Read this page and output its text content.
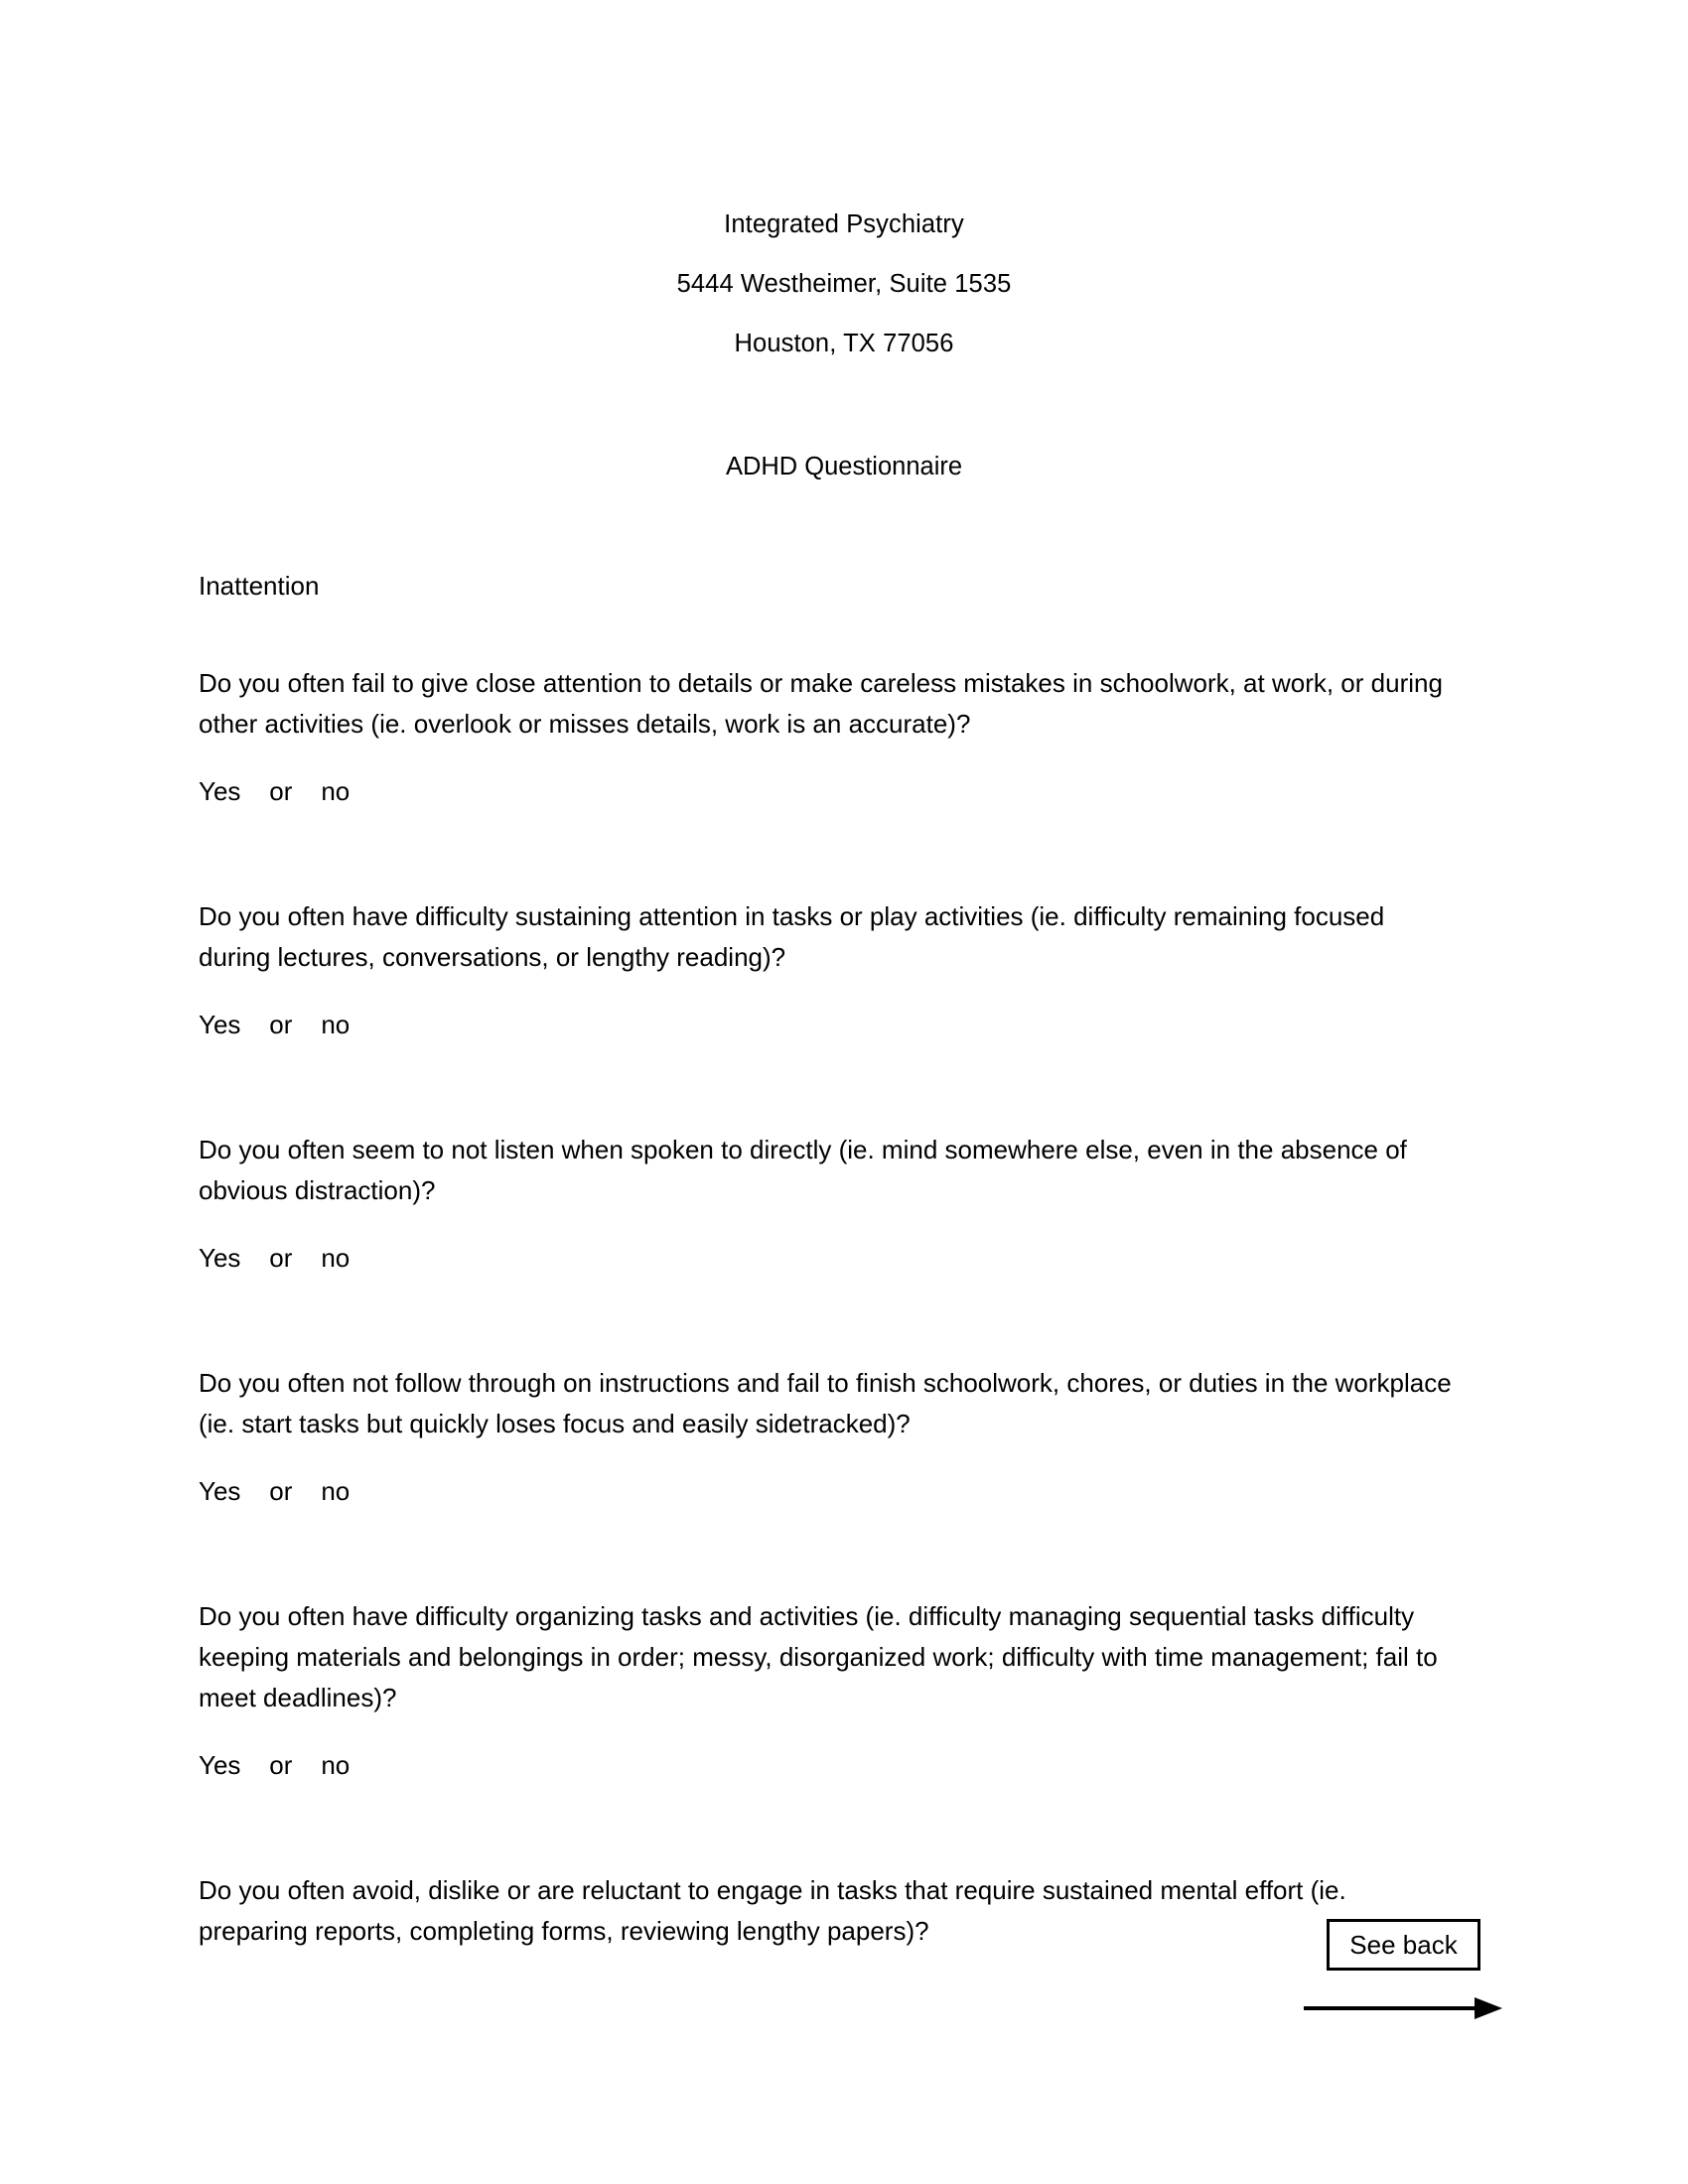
Integrated Psychiatry
5444 Westheimer, Suite 1535
Houston, TX 77056
ADHD Questionnaire
Inattention

Do you often fail to give close attention to details or make careless mistakes in schoolwork, at work, or during other activities (ie. overlook or misses details, work is an accurate)?

Yes    or    no

Do you often have difficulty sustaining attention in tasks or play activities (ie. difficulty remaining focused during lectures, conversations, or lengthy reading)?

Yes    or    no

Do you often seem to not listen when spoken to directly (ie. mind somewhere else, even in the absence of obvious distraction)?

Yes    or    no

Do you often not follow through on instructions and fail to finish schoolwork, chores, or duties in the workplace (ie. start tasks but quickly loses focus and easily sidetracked)?

Yes    or    no

Do you often have difficulty organizing tasks and activities (ie. difficulty managing sequential tasks difficulty keeping materials and belongings in order; messy, disorganized work; difficulty with time management; fail to meet deadlines)?

Yes    or    no

Do you often avoid, dislike or are reluctant to engage in tasks that require sustained mental effort (ie. preparing reports, completing forms, reviewing lengthy papers)?	See back
